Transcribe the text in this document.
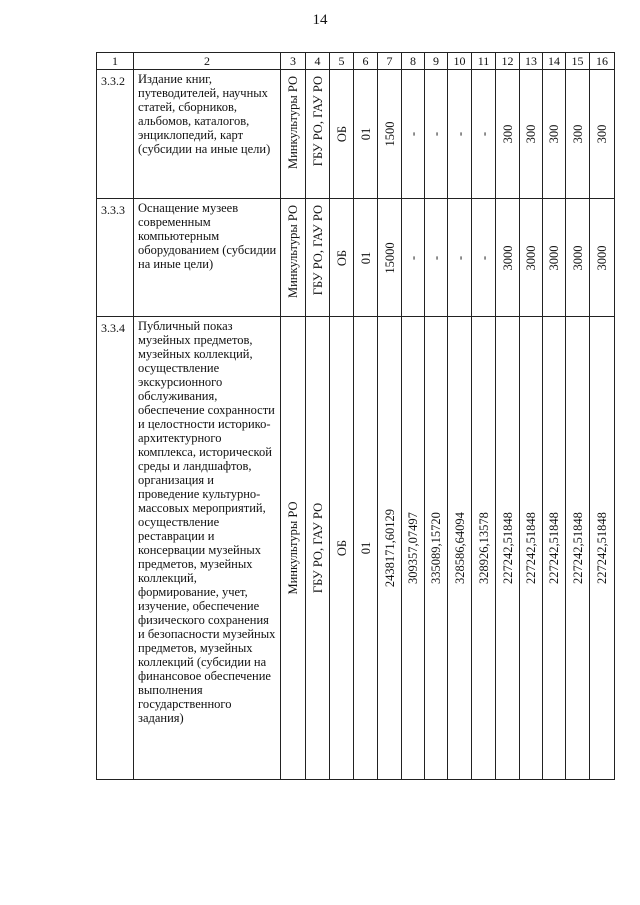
14
1	2	3	4	5	6	7	8	9	10	11	12	13	14	15	16
3.3.2	Издание книг, путеводителей, научных статей, сборников, альбомов, каталогов, энциклопедий, карт (субсидии на иные цели)	Минкультуры РО	ГБУ РО, ГАУ РО	ОБ	01	1500	-	-	-	-	300	300	300	300	300

3.3.3	Оснащение музеев современным компьютерным оборудованием (субсидии на иные цели)	Минкультуры РО	ГБУ РО, ГАУ РО	ОБ	01	15000	-	-	-	-	3000	3000	3000	3000	3000

3.3.4	Публичный показ музейных предметов, музейных коллекций, осуществление экскурсионного обслуживания, обеспечение сохранности и целостности историко-архитектурного комплекса, исторической среды и ландшафтов, организация и проведение культурно-массовых мероприятий, осуществление реставрации и консервации музейных предметов, музейных коллекций, формирование, учет, изучение, обеспечение физического сохранения и безопасности музейных предметов, музейных коллекций (субсидии на финансовое обеспечение выполнения государственного задания)	Минкультуры РО	ГБУ РО, ГАУ РО	ОБ	01	2438171,60129	309357,07497	335089,15720	328586,64094	328926,13578	227242,51848	227242,51848	227242,51848	227242,51848	227242,51848
